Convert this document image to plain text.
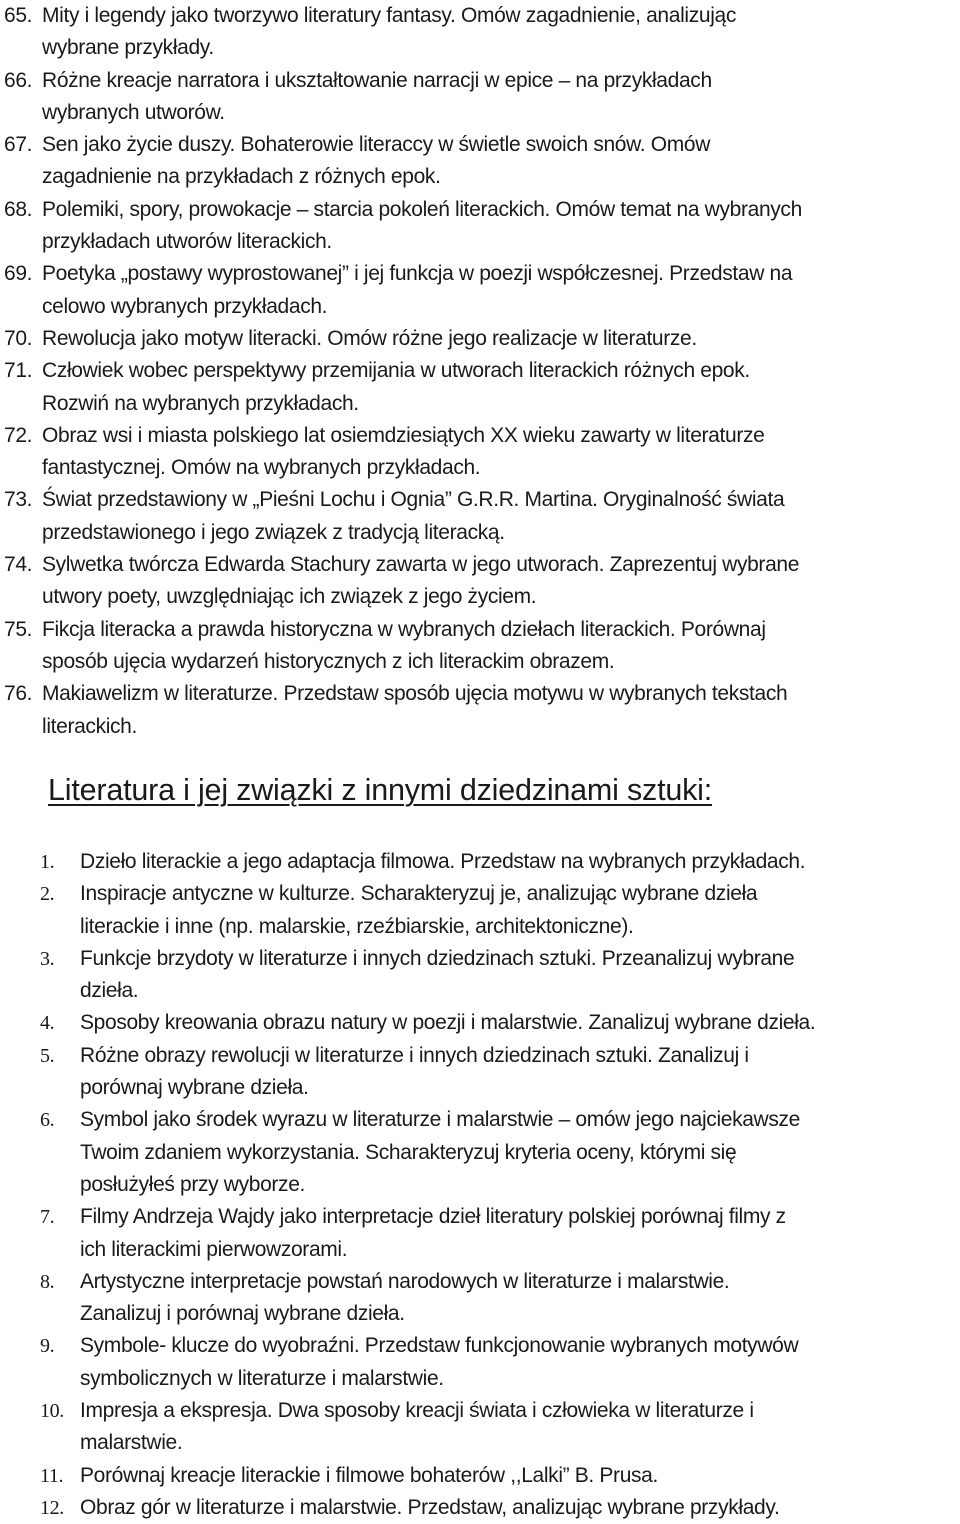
65. Mity i legendy jako tworzywo literatury fantasy. Omów zagadnienie, analizując
wybrane przykłady.
66. Różne kreacje narratora i ukształtowanie narracji w epice – na przykładach
wybranych utworów.
67. Sen jako życie duszy. Bohaterowie literaccy w świetle swoich snów. Omów
zagadnienie na przykładach z różnych epok.
68. Polemiki, spory, prowokacje – starcia pokoleń literackich. Omów temat na wybranych
przykładach utworów literackich.
69. Poetyka „postawy wyprostowanej” i jej funkcja w poezji współczesnej. Przedstaw na
celowo wybranych przykładach.
70. Rewolucja jako motyw literacki. Omów różne jego realizacje w literaturze.
71. Człowiek wobec perspektywy przemijania w utworach literackich różnych epok.
Rozwiń na wybranych przykładach.
72. Obraz wsi i miasta polskiego lat osiemdziesiątych XX wieku zawarty w literaturze
fantastycznej. Omów na wybranych przykładach.
73. Świat przedstawiony w „Pieśni Lochu i Ognia” G.R.R. Martina. Oryginalność świata
przedstawionego i jego związek z tradycją literacką.
74. Sylwetka twórcza Edwarda Stachury zawarta w jego utworach. Zaprezentuj wybrane
utwory poety, uwzględniając ich związek z jego życiem.
75. Fikcja literacka a prawda historyczna w wybranych dziełach literackich. Porównaj
sposób ujęcia wydarzeń historycznych z ich literackim obrazem.
76. Makiawelizm w literaturze. Przedstaw sposób ujęcia motywu w wybranych tekstach
literackich.
Literatura i jej związki z innymi dziedzinami sztuki:
1. Dzieło literackie a jego adaptacja filmowa. Przedstaw na wybranych przykładach.
2. Inspiracje antyczne w kulturze. Scharakteryzuj je, analizując wybrane dzieła
literackie i inne (np. malarskie, rzeźbiarskie, architektoniczne).
3. Funkcje brzydoty w literaturze i innych dziedzinach sztuki. Przeanalizuj wybrane
dzieła.
4. Sposoby kreowania obrazu natury w poezji i malarstwie. Zanalizuj wybrane dzieła.
5. Różne obrazy rewolucji w literaturze i innych dziedzinach sztuki. Zanalizuj i
porównaj wybrane dzieła.
6. Symbol jako środek wyrazu w literaturze i malarstwie – omów jego najciekawsze
Twoim zdaniem wykorzystania. Scharakteryzuj kryteria oceny, którymi się
posłużyłeś przy wyborze.
7. Filmy Andrzeja Wajdy jako interpretacje dzieł literatury polskiej porównaj filmy z
ich literackimi pierwowzorami.
8. Artystyczne interpretacje powstań narodowych w literaturze i malarstwie.
Zanalizuj i porównaj wybrane dzieła.
9. Symbole- klucze do wyobraźni. Przedstaw funkcjonowanie wybranych motywów
symbolicznych w literaturze i malarstwie.
10. Impresja a ekspresja. Dwa sposoby kreacji świata i człowieka w literaturze i
malarstwie.
11. Porównaj kreacje literackie i filmowe bohaterów ,,Lalki” B. Prusa.
12. Obraz gór w literaturze i malarstwie. Przedstaw, analizując wybrane przykłady.
